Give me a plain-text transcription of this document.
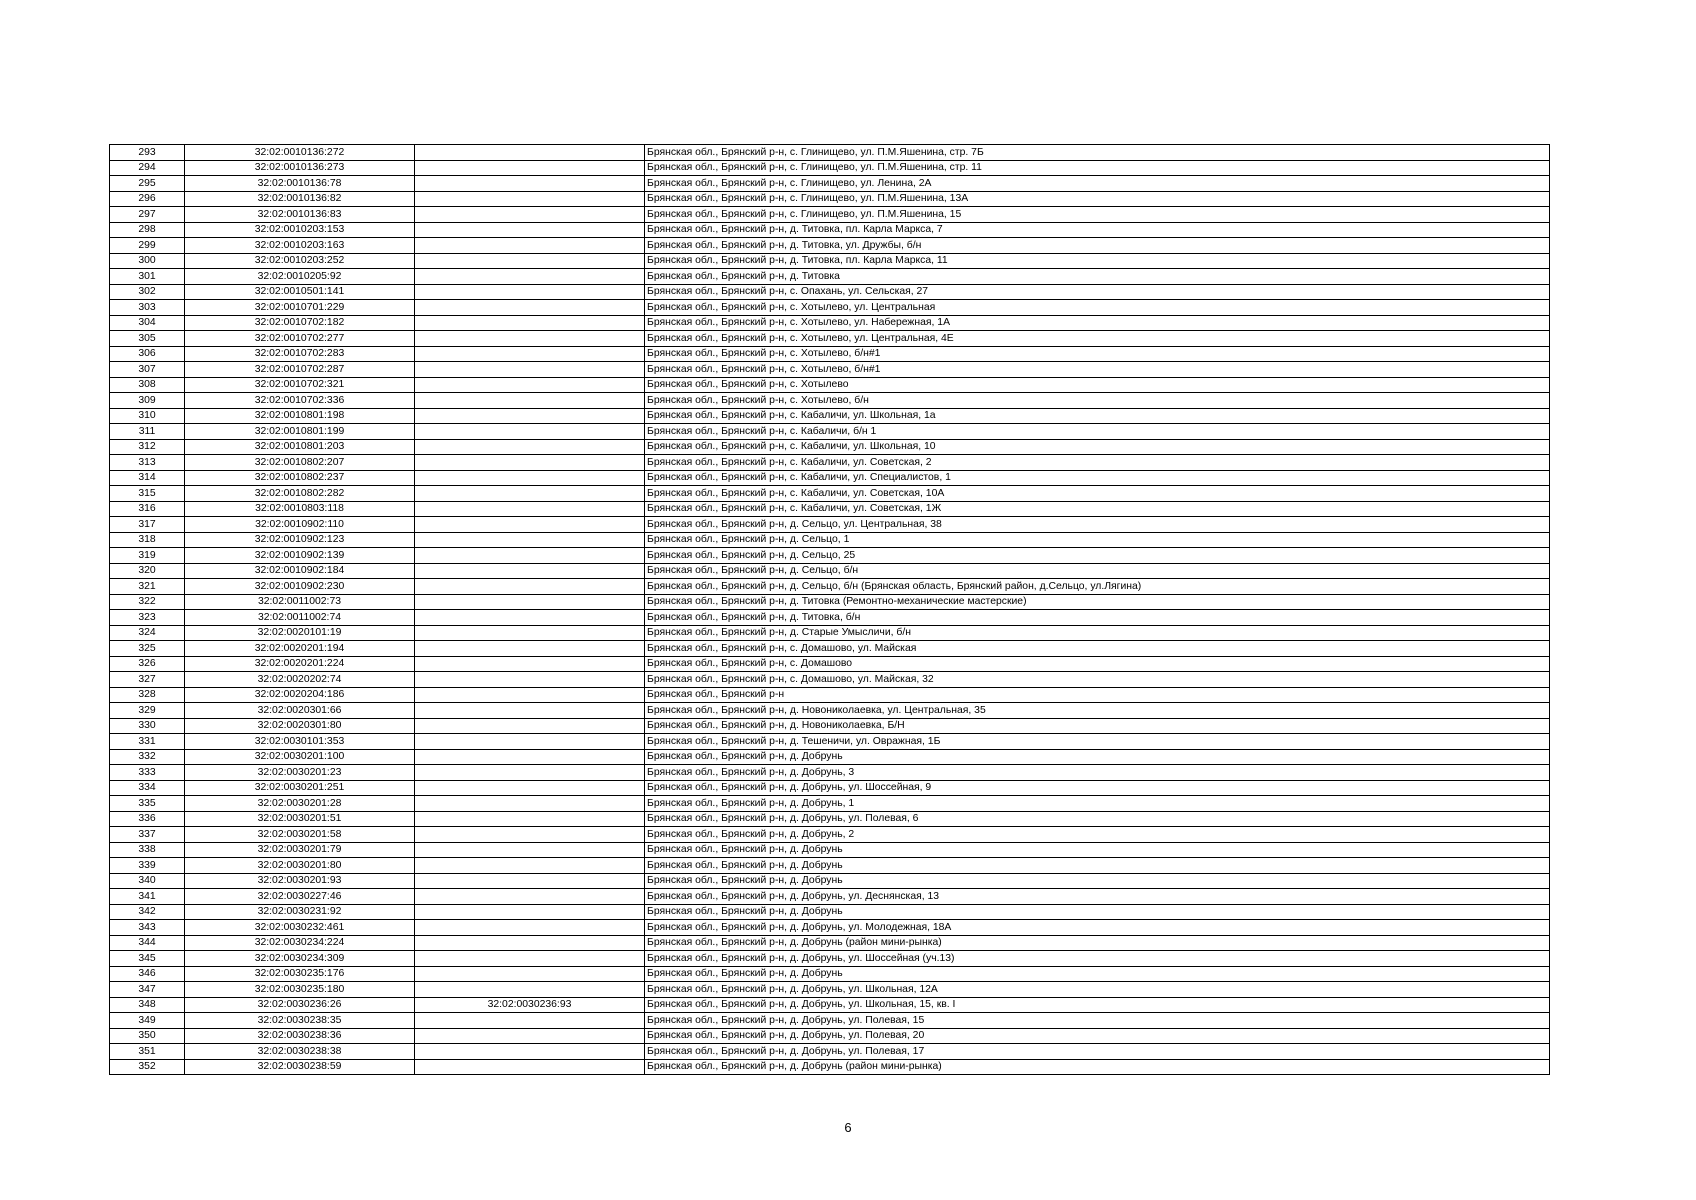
293	32:02:0010136:272		Брянская обл., Брянский р-н, с. Глинищево, ул. П.М.Яшенина, стр. 7Б
294	32:02:0010136:273		Брянская обл., Брянский р-н, с. Глинищево, ул. П.М.Яшенина, стр. 11
295	32:02:0010136:78		Брянская обл., Брянский р-н, с. Глинищево, ул. Ленина, 2А
296	32:02:0010136:82		Брянская обл., Брянский р-н, с. Глинищево, ул. П.М.Яшенина, 13А
297	32:02:0010136:83		Брянская обл., Брянский р-н, с. Глинищево, ул. П.М.Яшенина, 15
298	32:02:0010203:153		Брянская обл., Брянский р-н, д. Титовка, пл. Карла Маркса, 7
299	32:02:0010203:163		Брянская обл., Брянский р-н, д. Титовка, ул. Дружбы, б/н
300	32:02:0010203:252		Брянская обл., Брянский р-н, д. Титовка, пл. Карла Маркса, 11
301	32:02:0010205:92		Брянская обл., Брянский р-н, д. Титовка
302	32:02:0010501:141		Брянская обл., Брянский р-н, с. Опахань, ул. Сельская, 27
303	32:02:0010701:229		Брянская обл., Брянский р-н, с. Хотылево, ул. Центральная
304	32:02:0010702:182		Брянская обл., Брянский р-н, с. Хотылево, ул. Набережная, 1А
305	32:02:0010702:277		Брянская обл., Брянский р-н, с. Хотылево, ул. Центральная, 4Е
306	32:02:0010702:283		Брянская обл., Брянский р-н, с. Хотылево, б/н#1
307	32:02:0010702:287		Брянская обл., Брянский р-н, с. Хотылево, б/н#1
308	32:02:0010702:321		Брянская обл., Брянский р-н, с. Хотылево
309	32:02:0010702:336		Брянская обл., Брянский р-н, с. Хотылево, б/н
310	32:02:0010801:198		Брянская обл., Брянский р-н, с. Кабаличи, ул. Школьная, 1а
311	32:02:0010801:199		Брянская обл., Брянский р-н, с. Кабаличи, б/н 1
312	32:02:0010801:203		Брянская обл., Брянский р-н, с. Кабаличи, ул. Школьная, 10
313	32:02:0010802:207		Брянская обл., Брянский р-н, с. Кабаличи, ул. Советская, 2
314	32:02:0010802:237		Брянская обл., Брянский р-н, с. Кабаличи, ул. Специалистов, 1
315	32:02:0010802:282		Брянская обл., Брянский р-н, с. Кабаличи, ул. Советская, 10А
316	32:02:0010803:118		Брянская обл., Брянский р-н, с. Кабаличи, ул. Советская, 1Ж
317	32:02:0010902:110		Брянская обл., Брянский р-н, д. Сельцо, ул. Центральная, 38
318	32:02:0010902:123		Брянская обл., Брянский р-н, д. Сельцо, 1
319	32:02:0010902:139		Брянская обл., Брянский р-н, д. Сельцо, 25
320	32:02:0010902:184		Брянская обл., Брянский р-н, д. Сельцо, б/н
321	32:02:0010902:230		Брянская обл., Брянский р-н, д. Сельцо, б/н (Брянская область, Брянский район, д.Сельцо, ул.Лягина)
322	32:02:0011002:73		Брянская обл., Брянский р-н, д. Титовка (Ремонтно-механические мастерские)
323	32:02:0011002:74		Брянская обл., Брянский р-н, д. Титовка, б/н
324	32:02:0020101:19		Брянская обл., Брянский р-н, д. Старые Умысличи, б/н
325	32:02:0020201:194		Брянская обл., Брянский р-н, с. Домашово, ул. Майская
326	32:02:0020201:224		Брянская обл., Брянский р-н, с. Домашово
327	32:02:0020202:74		Брянская обл., Брянский р-н, с. Домашово, ул. Майская, 32
328	32:02:0020204:186		Брянская обл., Брянский р-н
329	32:02:0020301:66		Брянская обл., Брянский р-н, д. Новониколаевка, ул. Центральная, 35
330	32:02:0020301:80		Брянская обл., Брянский р-н, д. Новониколаевка, Б/Н
331	32:02:0030101:353		Брянская обл., Брянский р-н, д. Тешеничи, ул. Овражная, 1Б
332	32:02:0030201:100		Брянская обл., Брянский р-н, д. Добрунь
333	32:02:0030201:23		Брянская обл., Брянский р-н, д. Добрунь, 3
334	32:02:0030201:251		Брянская обл., Брянский р-н, д. Добрунь, ул. Шоссейная, 9
335	32:02:0030201:28		Брянская обл., Брянский р-н, д. Добрунь, 1
336	32:02:0030201:51		Брянская обл., Брянский р-н, д. Добрунь, ул. Полевая, 6
337	32:02:0030201:58		Брянская обл., Брянский р-н, д. Добрунь, 2
338	32:02:0030201:79		Брянская обл., Брянский р-н, д. Добрунь
339	32:02:0030201:80		Брянская обл., Брянский р-н, д. Добрунь
340	32:02:0030201:93		Брянская обл., Брянский р-н, д. Добрунь
341	32:02:0030227:46		Брянская обл., Брянский р-н, д. Добрунь, ул. Деснянская, 13
342	32:02:0030231:92		Брянская обл., Брянский р-н, д. Добрунь
343	32:02:0030232:461		Брянская обл., Брянский р-н, д. Добрунь, ул. Молодежная, 18А
344	32:02:0030234:224		Брянская обл., Брянский р-н, д. Добрунь (район мини-рынка)
345	32:02:0030234:309		Брянская обл., Брянский р-н, д. Добрунь, ул. Шоссейная (уч.13)
346	32:02:0030235:176		Брянская обл., Брянский р-н, д. Добрунь
347	32:02:0030235:180		Брянская обл., Брянский р-н, д. Добрунь, ул. Школьная, 12А
348	32:02:0030236:26	32:02:0030236:93	Брянская обл., Брянский р-н, д. Добрунь, ул. Школьная, 15, кв. I
349	32:02:0030238:35		Брянская обл., Брянский р-н, д. Добрунь, ул. Полевая, 15
350	32:02:0030238:36		Брянская обл., Брянский р-н, д. Добрунь, ул. Полевая, 20
351	32:02:0030238:38		Брянская обл., Брянский р-н, д. Добрунь, ул. Полевая, 17
352	32:02:0030238:59		Брянская обл., Брянский р-н, д. Добрунь (район мини-рынка)
6
